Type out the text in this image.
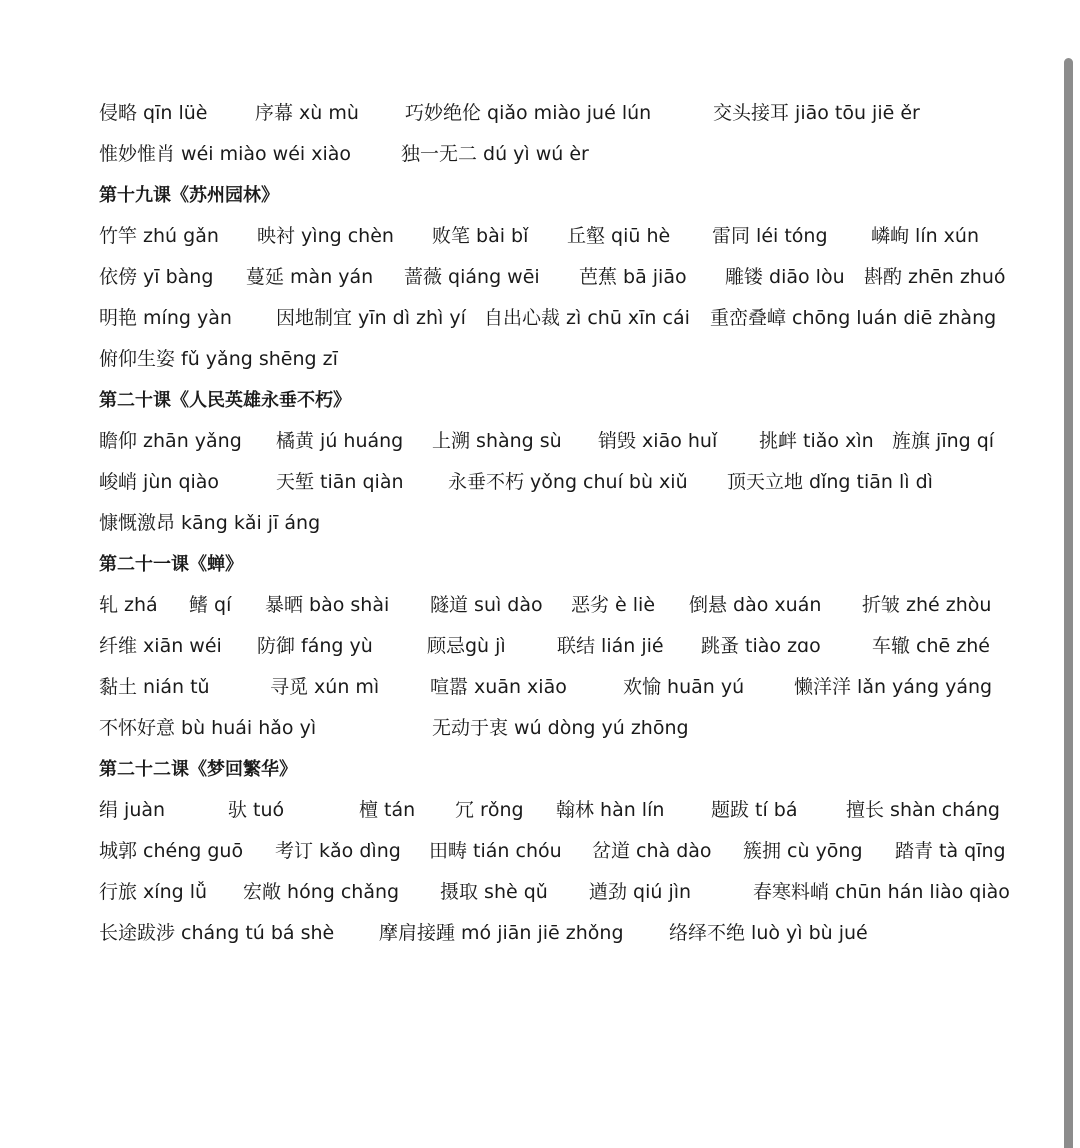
侵略 qīn lüè	序幕 xù mù 巧妙绝伦 qiǎo miào jué lún	交头接耳 jiāo tōu jiē ěr
惟妙惟肖 wéi miào wéi xiào	独一无二 dú yì wú èr
第十九课《苏州园林》
竹竿 zhú gǎn 映衬 yìng chèn 败笔 bài bǐ 丘壑 qiū hè 雷同 léi tóng 嶙峋 lín xún
依傍 yī bàng 蔓延 màn yán 蔷薇 qiáng wēi 芭蕉 bā jiāo 雕镂 diāo lòu 斟酌 zhēn zhuó
明艳 míng yàn 因地制宜 yīn dì zhì yí 自出心裁 zì chū xīn cái 重峦叠嶂 chōng luán diē zhàng
俯仰生姿 fǔ yǎng shēng zī
第二十课《人民英雄永垂不朽》
瞻仰 zhān yǎng 橘黄 jú huáng 上溯 shàng sù 销毁 xiāo huǐ 挑衅 tiǎo xìn 旌旗 jīng qí
峻峭 jùn qiào	天堑 tiān qiàn 永垂不朽 yǒng chuí bù xiǔ 顶天立地 dǐng tiān lì dì
慷慨激昂 kāng kǎi jī áng
第二十一课《蝉》
轧 zhá 鳍 qí 暴晒 bào shài 隧道 suì dào 恶劣 è liè 倒悬 dào xuán 折皱 zhé zhòu
纤维 xiān wéi 防御 fáng yù	顾忌gù jì	联结 lián jié 跳蚤 tiào zɑo	车辙 chē zhé
黏土 nián tǔ	寻觅 xún mì	喧嚣 xuān xiāo	欢愉 huān yú	懒洋洋 lǎn yáng yáng
不怀好意 bù huái hǎo yì	无动于衷 wú dòng yú zhōng
第二十二课《梦回繁华》
绢 juàn	驮 tuó	檀 tán 冗 rǒng 翰林 hàn lín 题跋 tí bá	擅长 shàn cháng
城郭 chéng guō 考订 kǎo dìng 田畴 tián chóu 岔道 chà dào 簇拥 cù yōng 踏青 tà qīng
行旅 xíng lǚ 宏敞 hóng chǎng 摄取 shè qǔ 遒劲 qiú jìn	春寒料峭 chūn hán liào qiào
长途跋涉 cháng tú bá shè 摩肩接踵 mó jiān jiē zhǒng 络绎不绝 luò yì bù jué
